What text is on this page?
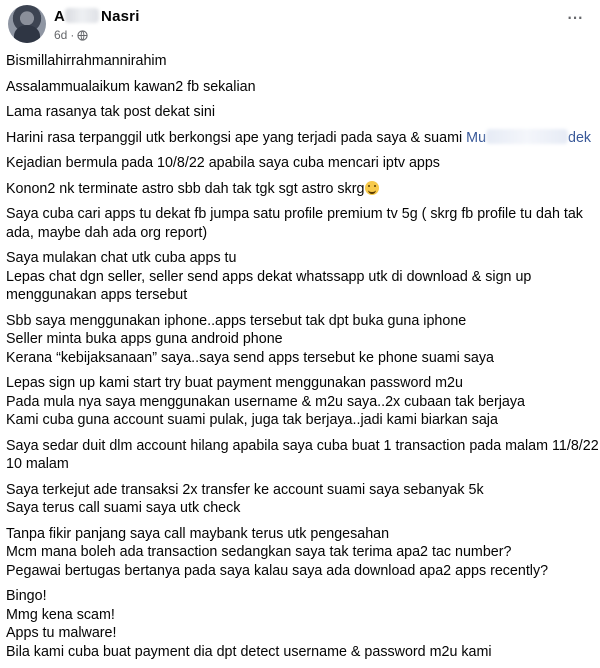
A Nasri
6d ·
···

Bismillahirrahmannirahim

Assalammualaikum kawan2 fb sekalian

Lama rasanya tak post dekat sini

Harini rasa terpanggil utk berkongsi ape yang terjadi pada saya & suami Mu	dek

Kejadian bermula pada 10/8/22 apabila saya cuba mencari iptv apps

Konon2 nk terminate astro sbb dah tak tgk sgt astro skrg

Saya cuba cari apps tu dekat fb jumpa satu profile premium tv 5g ( skrg fb profile tu dah tak
ada, maybe dah ada org report)

Saya mulakan chat utk cuba apps tu
Lepas chat dgn seller, seller send apps dekat whatssapp utk di download & sign up
menggunakan apps tersebut

Sbb saya menggunakan iphone..apps tersebut tak dpt buka guna iphone
Seller minta buka apps guna android phone
Kerana “kebijaksanaan” saya..saya send apps tersebut ke phone suami saya

Lepas sign up kami start try buat payment menggunakan password m2u
Pada mula nya saya menggunakan username & m2u saya..2x cubaan tak berjaya
Kami cuba guna account suami pulak, juga tak berjaya..jadi kami biarkan saja

Saya sedar duit dlm account hilang apabila saya cuba buat 1 transaction pada malam 11/8/22
10 malam

Saya terkejut ade transaksi 2x transfer ke account suami saya sebanyak 5k
Saya terus call suami saya utk check

Tanpa fikir panjang saya call maybank terus utk pengesahan
Mcm mana boleh ada transaction sedangkan saya tak terima apa2 tac number?
Pegawai bertugas bertanya pada saya kalau saya ada download apa2 apps recently?

Bingo!
Mmg kena scam!
Apps tu malware!
Bila kami cuba buat payment dia dpt detect username & password m2u kami
